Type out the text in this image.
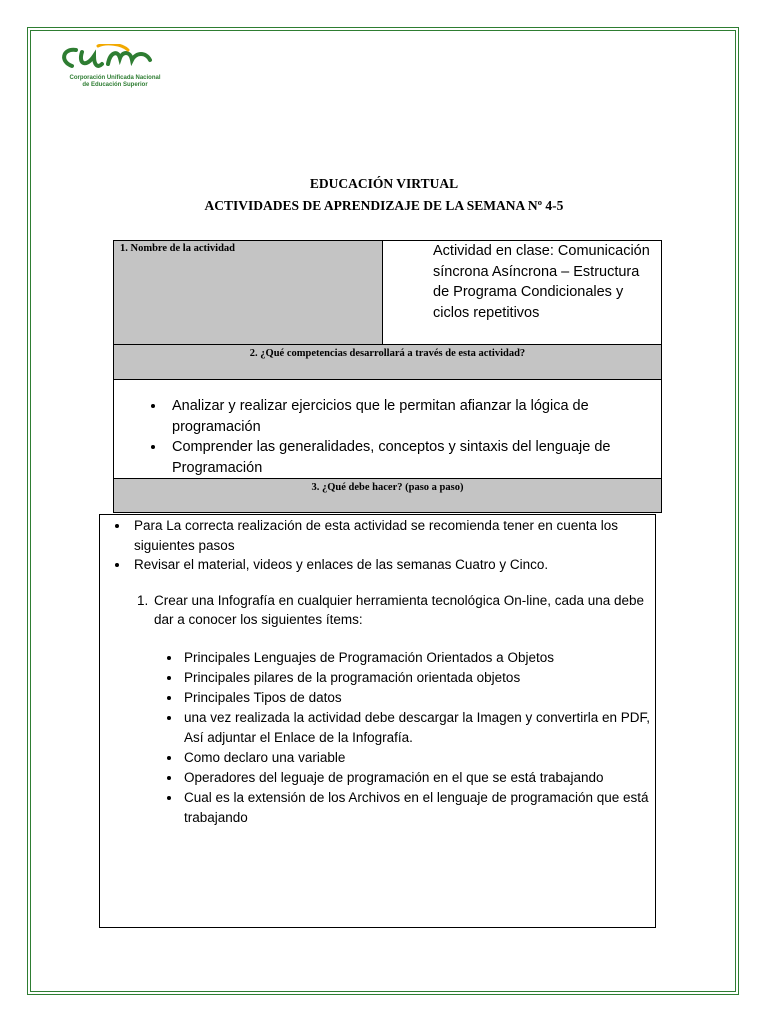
Corporación Unificada Nacional
de Educación Superior
EDUCACIÓN VIRTUAL
ACTIVIDADES DE APRENDIZAJE DE LA SEMANA Nº 4-5
1. Nombre de la actividad	Actividad en clase: Comunicación síncrona Asíncrona – Estructura de Programa Condicionales y ciclos repetitivos

2. ¿Qué competencias desarrollará a través de esta actividad?

• Analizar y realizar ejercicios que le permitan afianzar la lógica de programación
• Comprender las generalidades, conceptos y sintaxis del lenguaje de Programación

3. ¿Qué debe hacer? (paso a paso)
• Para La correcta realización de esta actividad se recomienda tener en cuenta los siguientes pasos
• Revisar el material, videos y enlaces de las semanas Cuatro y Cinco.
1. Crear una Infografía en cualquier herramienta tecnológica On-line, cada una debe dar a conocer los siguientes ítems:
• Principales Lenguajes de Programación Orientados a Objetos
• Principales pilares de la programación orientada objetos
• Principales Tipos de datos
• una vez realizada la actividad debe descargar la Imagen y convertirla en PDF, Así adjuntar el Enlace de la Infografía.
• Como declaro una variable
• Operadores del leguaje de programación en el que se está trabajando
• Cual es la extensión de los Archivos en el lenguaje de programación que está trabajando
